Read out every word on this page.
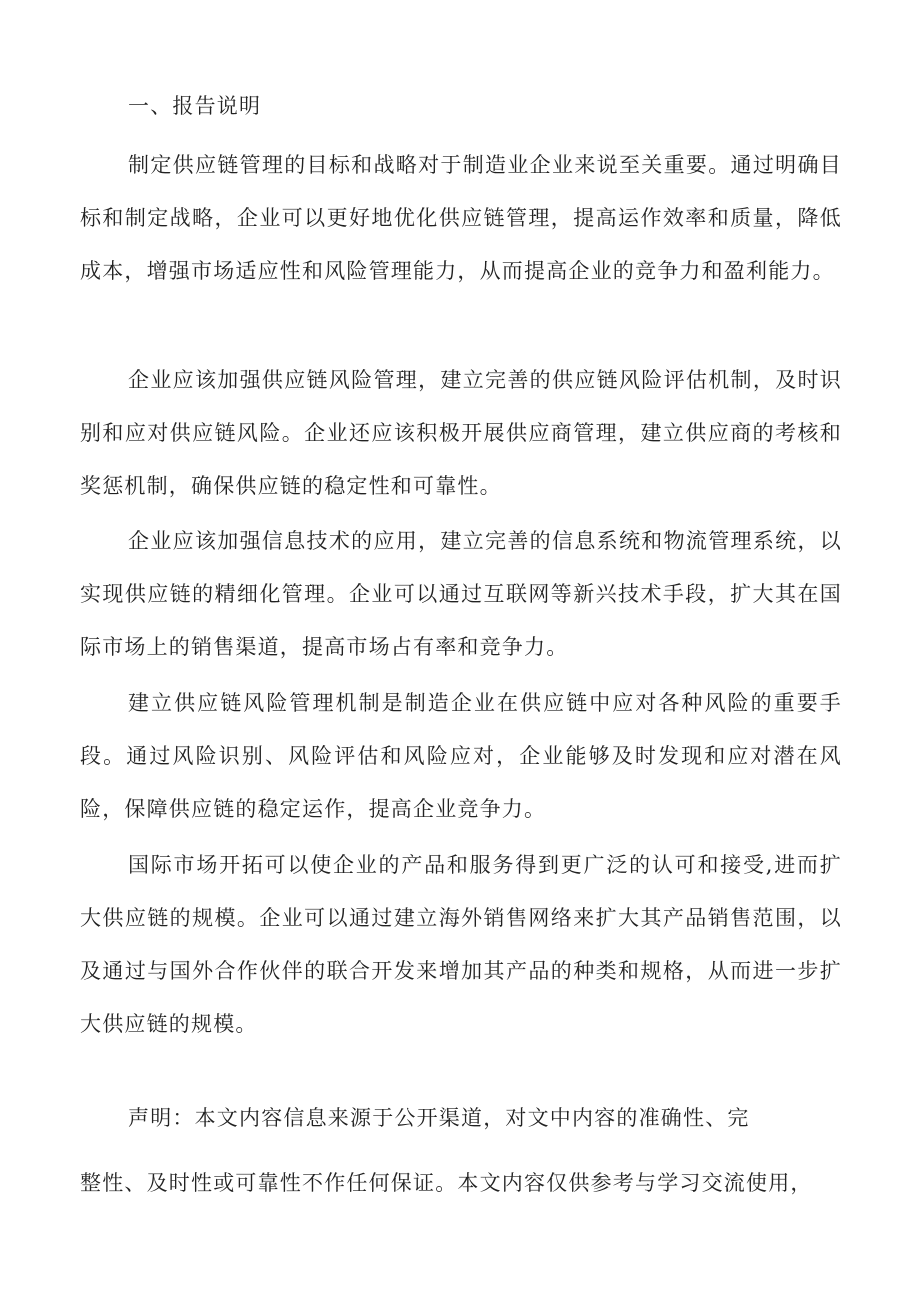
一、报告说明
制定供应链管理的目标和战略对于制造业企业来说至关重要。通过明确目标和制定战略，企业可以更好地优化供应链管理，提高运作效率和质量，降低成本，增强市场适应性和风险管理能力，从而提高企业的竞争力和盈利能力。
企业应该加强供应链风险管理，建立完善的供应链风险评估机制，及时识别和应对供应链风险。企业还应该积极开展供应商管理，建立供应商的考核和奖惩机制，确保供应链的稳定性和可靠性。
企业应该加强信息技术的应用，建立完善的信息系统和物流管理系统，以实现供应链的精细化管理。企业可以通过互联网等新兴技术手段，扩大其在国际市场上的销售渠道，提高市场占有率和竞争力。
建立供应链风险管理机制是制造企业在供应链中应对各种风险的重要手段。通过风险识别、风险评估和风险应对，企业能够及时发现和应对潜在风险，保障供应链的稳定运作，提高企业竞争力。
国际市场开拓可以使企业的产品和服务得到更广泛的认可和接受,进而扩大供应链的规模。企业可以通过建立海外销售网络来扩大其产品销售范围，以及通过与国外合作伙伴的联合开发来增加其产品的种类和规格，从而进一步扩大供应链的规模。
声明：本文内容信息来源于公开渠道，对文中内容的准确性、完
整性、及时性或可靠性不作任何保证。本文内容仅供参考与学习交流使用，
